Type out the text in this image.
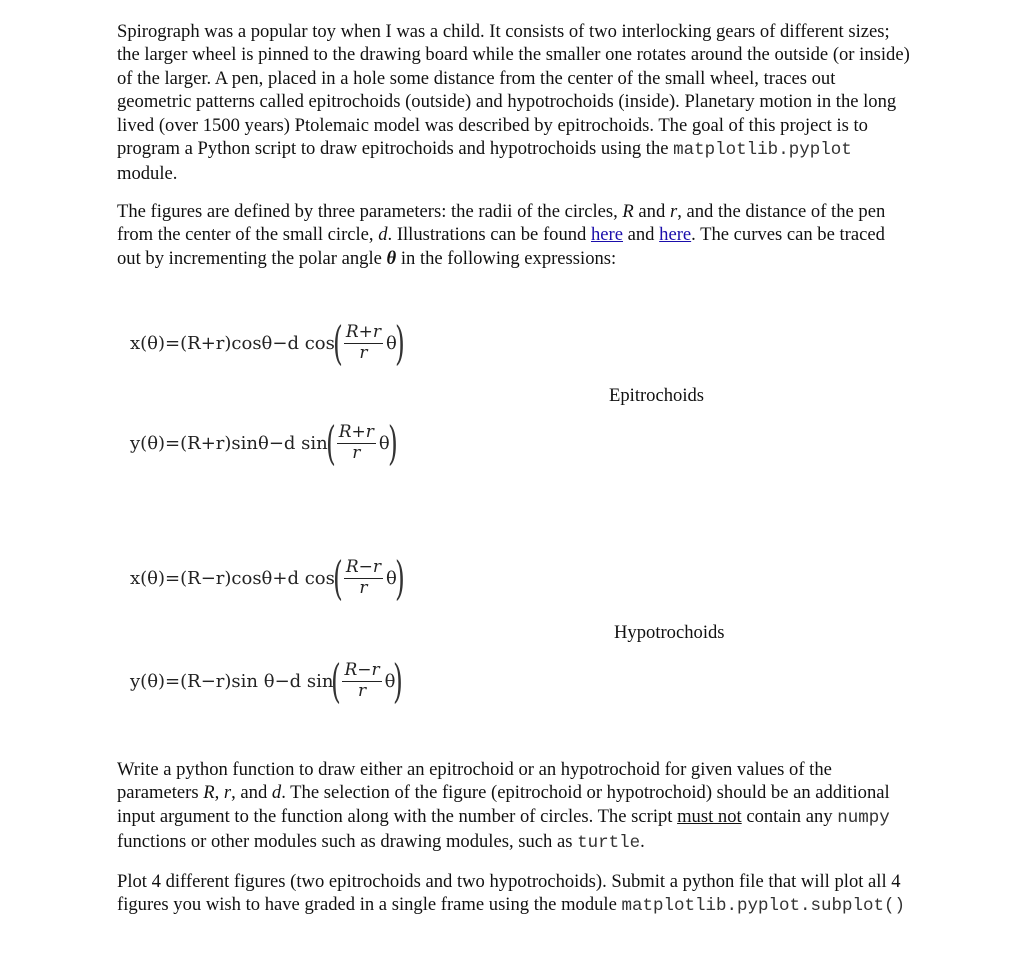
Spirograph was a popular toy when I was a child. It consists of two interlocking gears of different sizes; the larger wheel is pinned to the drawing board while the smaller one rotates around the outside (or inside) of the larger. A pen, placed in a hole some distance from the center of the small wheel, traces out geometric patterns called epitrochoids (outside) and hypotrochoids (inside). Planetary motion in the long lived (over 1500 years) Ptolemaic model was described by epitrochoids. The goal of this project is to program a Python script to draw epitrochoids and hypotrochoids using the matplotlib.pyplot module.

The figures are defined by three parameters: the radii of the circles, R and r, and the distance of the pen from the center of the small circle, d. Illustrations can be found here and here. The curves can be traced out by incrementing the polar angle θ in the following expressions:

x(θ)=(R+r)cosθ−d cos
( $\frac{R+r}{r}$ θ
)
y(θ)=(R+r)sinθ−d sin
( $\frac{R+r}{r}$ θ
)
Epitrochoids
x(θ)=(R−r)cosθ+d cos
( $\frac{R-r}{r}$ θ
)
y(θ)=(R−r)sin θ−d sin
( $\frac{R-r}{r}$ θ
)
Hypotrochoids

Write a python function to draw either an epitrochoid or an hypotrochoid for given values of the parameters R, r, and d. The selection of the figure (epitrochoid or hypotrochoid) should be an additional input argument to the function along with the number of circles. The script must not contain any numpy functions or other modules such as drawing modules, such as turtle.

Plot 4 different figures (two epitrochoids and two hypotrochoids). Submit a python file that will plot all 4 figures you wish to have graded in a single frame using the module matplotlib.pyplot.subplot()
